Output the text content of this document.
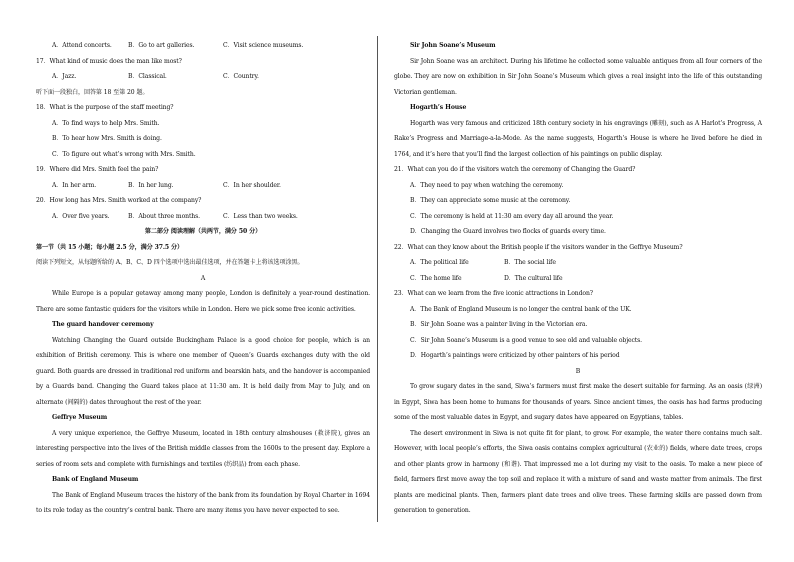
A．Attend concerts.	B．Go to art galleries.	C．Visit science museums.
17．What kind of music does the man like most?
A．Jazz.	B．Classical.	C．Country.
听下面一段独白，回答第 18 至第 20 题。
18．What is the purpose of the staff meeting?
A．To find ways to help Mrs. Smith.
B．To hear how Mrs. Smith is doing.
C．To figure out what’s wrong with Mrs. Smith.
19．Where did Mrs. Smith feel the pain?
A．In her arm.	B．In her lung.	C．In her shoulder.
20．How long has Mrs. Smith worked at the company?
A．Over five years.	B．About three months.	C．Less than two weeks.
第二部分 阅读理解（共两节，满分 50 分）
第一节（共 15 小题；每小题 2.5 分，满分 37.5 分）
阅读下列短文，从每题所给的 A、B、C、D 四个选项中选出最佳选项，并在答题卡上将该选项涂黑。
A
While Europe is a popular getaway among many people, London is definitely a year-round destination. There are some fantastic quiders for the visitors while in London. Here we pick some free iconic activities.
The guard handover ceremony
Watching Changing the Guard outside Buckingham Palace is a good choice for people, which is an exhibition of British ceremony. This is where one member of Queen’s Guards exchanges duty with the old guard. Both guards are dressed in traditional red uniform and bearskin hats, and the handover is accompanied by a Guards band. Changing the Guard takes place at 11:30 am. It is held daily from May to July, and on alternate (间隔的) dates throughout the rest of the year.
Geffrye Museum
A very unique experience, the Geffrye Museum, located in 18th century almshouses (救济院), gives an interesting perspective into the lives of the British middle classes from the 1600s to the present day. Explore a series of room sets and complete with furnishings and textiles (纺织品) from each phase.
Bank of England Museum
The Bank of England Museum traces the history of the bank from its foundation by Royal Charter in 1694 to its role today as the country’s central bank. There are many items you have never expected to see.
Sir John Soane’s Museum
Sir John Soane was an architect. During his lifetime he collected some valuable antiques from all four corners of the globe. They are now on exhibition in Sir John Soane’s Museum which gives a real insight into the life of this outstanding Victorian gentleman.
Hogarth’s House
Hogarth was very famous and criticized 18th century society in his engravings (雕刻), such as A Harlot’s Progress, A Rake’s Progress and Marriage-a-la-Mode. As the name suggests, Hogarth’s House is where he lived before he died in 1764, and it’s here that you’ll find the largest collection of his paintings on public display.
21．What can you do if the visitors watch the ceremony of Changing the Guard?
A．They need to pay when watching the ceremony.
B．They can appreciate some music at the ceremony.
C．The ceremony is held at 11:30 am every day all around the year.
D．Changing the Guard involves two flocks of guards every time.
22．What can they know about the British people if the visitors wander in the Geffrye Museum?
A．The political life	B．The social life
C．The home life	D．The cultural life
23．What can we learn from the five iconic attractions in London?
A．The Bank of England Museum is no longer the central bank of the UK.
B．Sir John Soane was a painter living in the Victorian era.
C．Sir John Soane’s Museum is a good venue to see old and valuable objects.
D．Hogarth’s paintings were criticized by other painters of his period
B
To grow sugary dates in the sand, Siwa’s farmers must first make the desert suitable for farming. As an oasis (绿洲) in Egypt, Siwa has been home to humans for thousands of years. Since ancient times, the oasis has had farms producing some of the most valuable dates in Egypt, and sugary dates have appeared on Egyptians, tables.
The desert environment in Siwa is not quite fit for plant, to grow. For example, the water there contains much salt. However, with local people’s efforts, the Siwa oasis contains complex agricultural (农业的) fields, where date trees, crops and other plants grow in harmony (和谐). That impressed me a lot during my visit to the oasis. To make a new piece of field, farmers first move away the top soil and replace it with a mixture of sand and waste matter from animals. The first plants are medicinal plants. Then, farmers plant date trees and olive trees. These farming skills are passed down from generation to generation.
